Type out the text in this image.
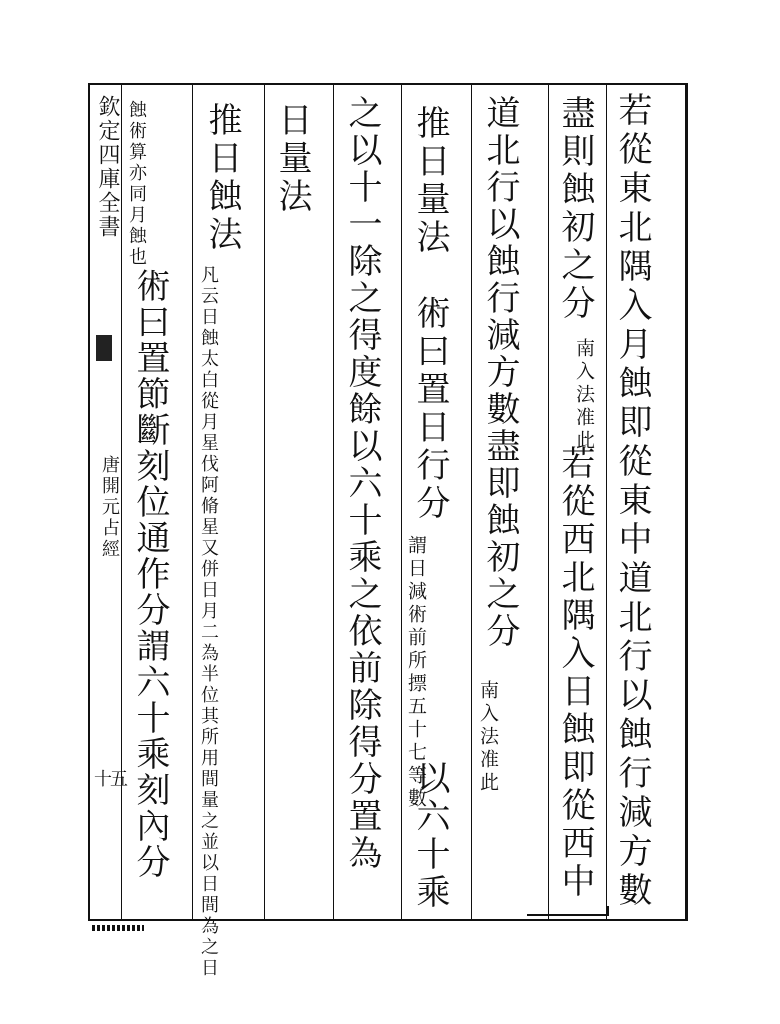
欽定四庫全書
唐開元占經
十五	若從東北隅入月蝕即從東中道北行以蝕行減方數
盡則蝕初之分
南入法准此
若從西北隅入日蝕即從西中
道北行以蝕行減方數盡即蝕初之分
南入法准此
推日量法
術曰置日行分
謂日減術前所摽五十七等數
以六十乘
之以十一除之得度餘以六十乘之依前除得分置為
日量法
推日蝕法
凡云日蝕太白從月星伐阿脩星又併日月二為半位其所用間量之並以日間為之日
蝕術算亦同月蝕也
術曰置節斷刻位通作分謂六十乘刻內分
